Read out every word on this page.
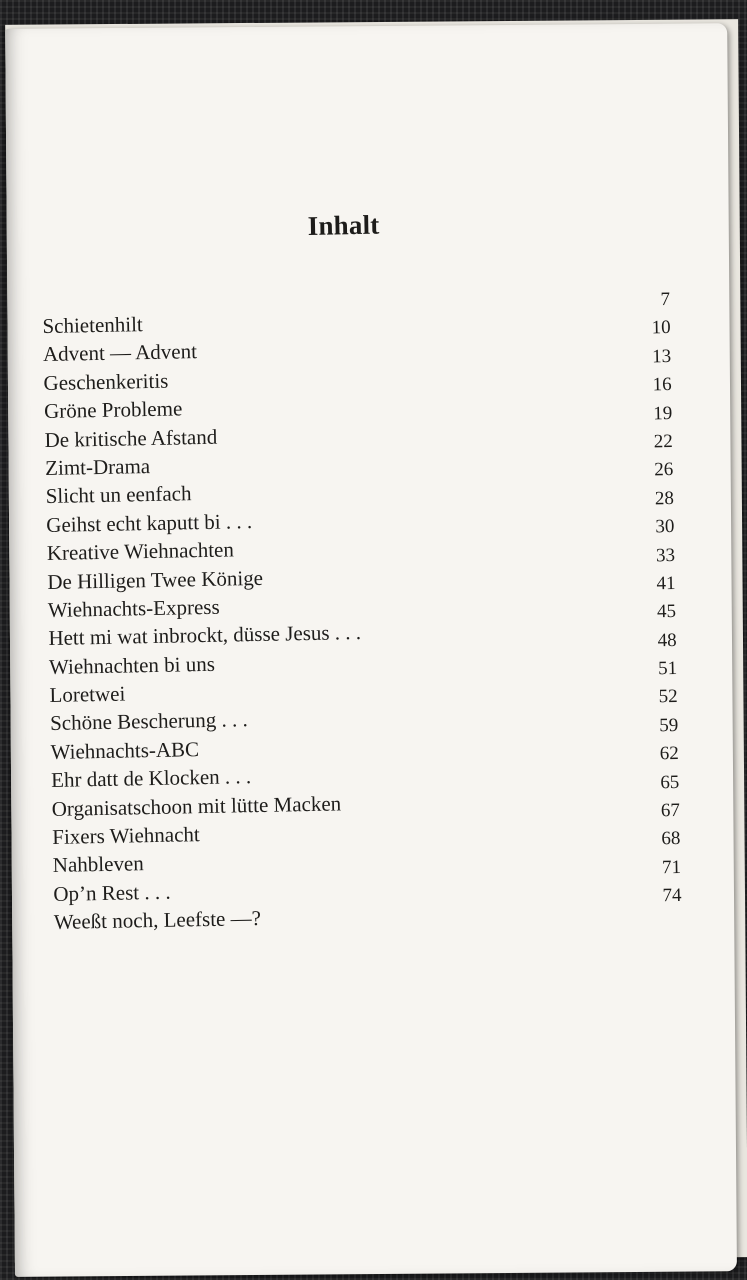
Inhalt
Schietenhilt
7
Advent — Advent
10
Geschenkeritis
13
Gröne Probleme
16
De kritische Afstand
19
Zimt-Drama
22
Slicht un eenfach
26
Geihst echt kaputt bi . . .
28
Kreative Wiehnachten
30
De Hilligen Twee Könige
33
Wiehnachts-Express
41
Hett mi wat inbrockt, düsse Jesus . . .
45
Wiehnachten bi uns
48
Loretwei
51
Schöne Bescherung . . .
52
Wiehnachts-ABC
59
Ehr datt de Klocken . . .
62
Organisatschoon mit lütte Macken
65
Fixers Wiehnacht
67
Nahbleven
68
Op’n Rest . . .
71
Weeßt noch, Leefste —?
74
